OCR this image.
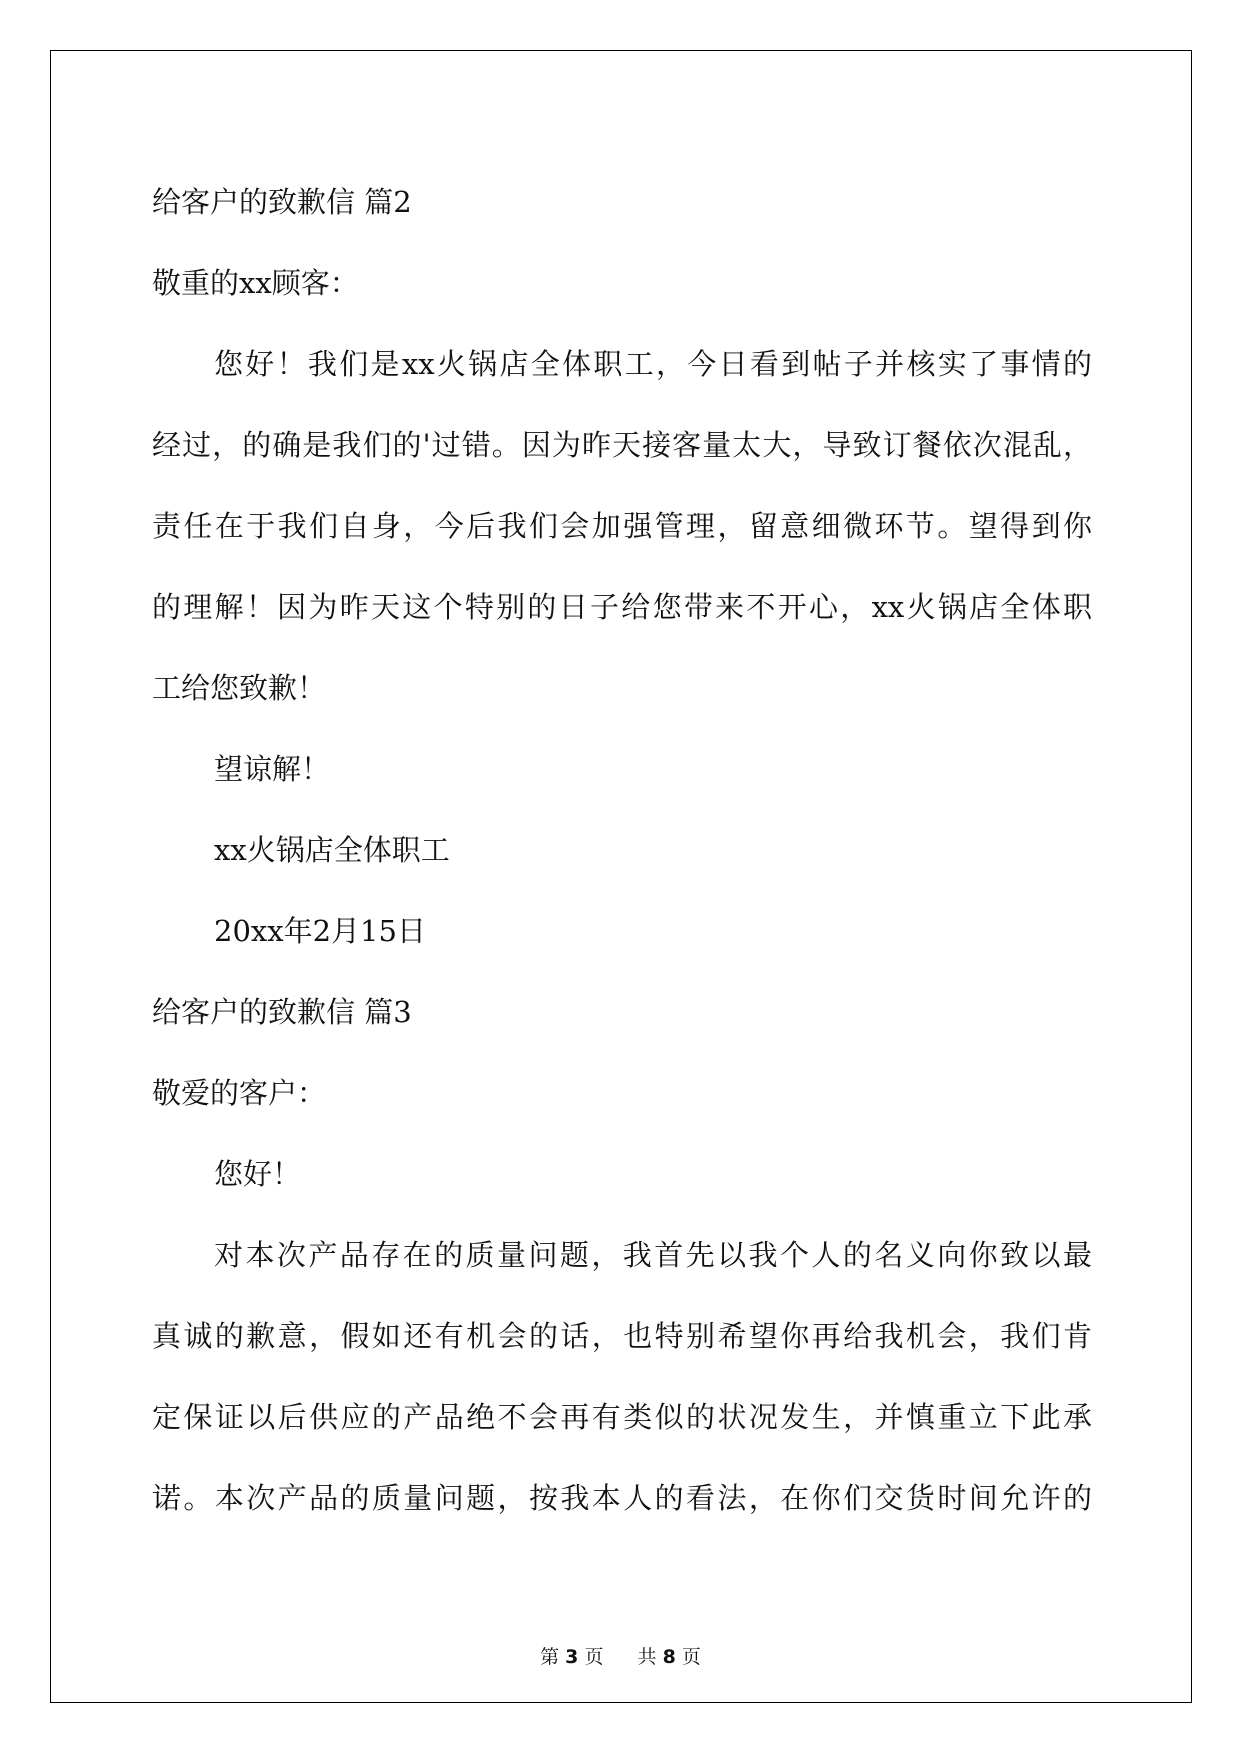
给客户的致歉信 篇2
敬重的xx顾客：
您好！我们是xx火锅店全体职工，今日看到帖子并核实了事情的
经过，的确是我们的'过错。因为昨天接客量太大，导致订餐依次混乱，
责任在于我们自身，今后我们会加强管理，留意细微环节。望得到你
的理解！因为昨天这个特别的日子给您带来不开心，xx火锅店全体职
工给您致歉！
望谅解！
xx火锅店全体职工
20xx年2月15日
给客户的致歉信 篇3
敬爱的客户：
您好！
对本次产品存在的质量问题，我首先以我个人的名义向你致以最
真诚的歉意，假如还有机会的话，也特别希望你再给我机会，我们肯
定保证以后供应的产品绝不会再有类似的状况发生，并慎重立下此承
诺。本次产品的质量问题，按我本人的看法，在你们交货时间允许的
第 3 页 共 8 页
